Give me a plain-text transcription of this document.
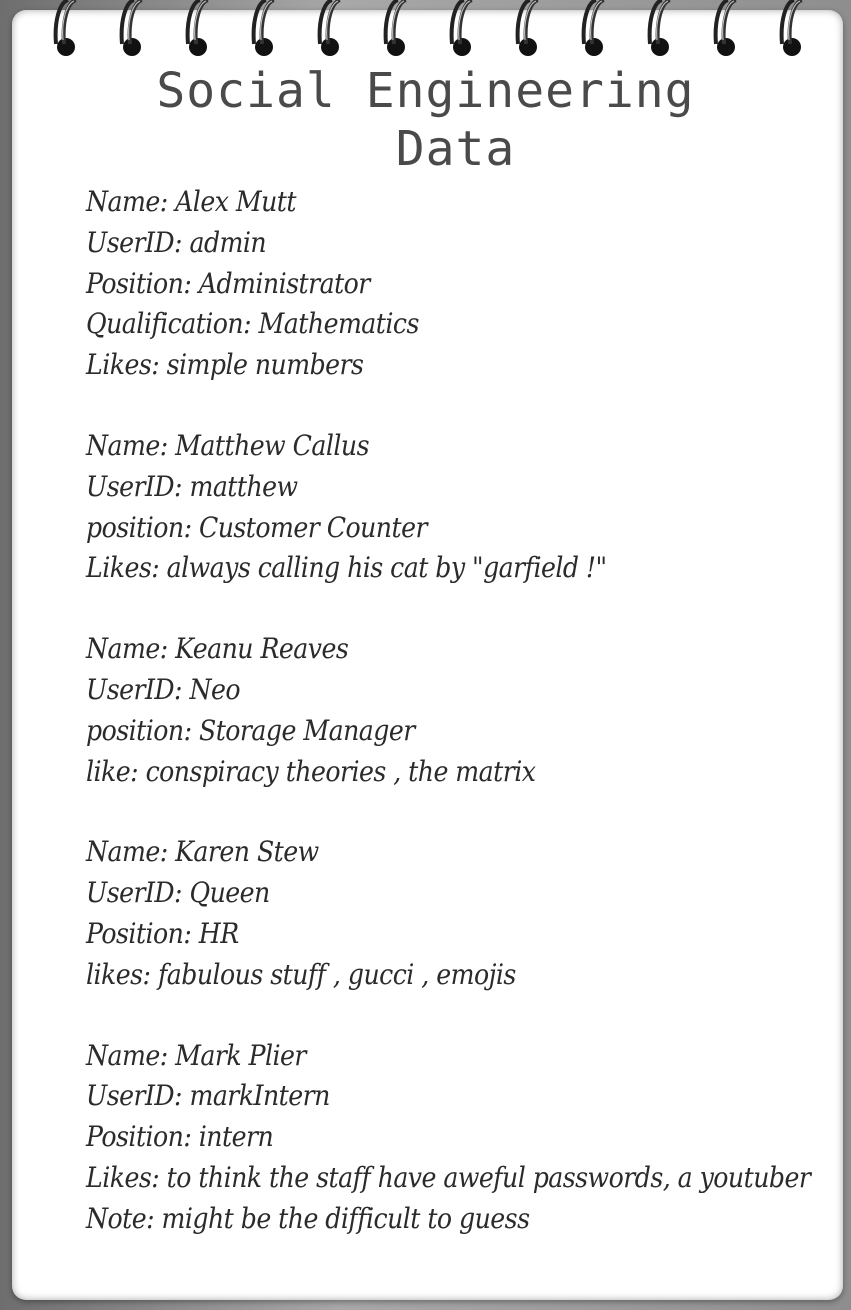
Social Engineering
Data
Name: Alex Mutt
UserID: admin
Position: Administrator
Qualification: Mathematics
Likes: simple numbers
Name: Matthew Callus
UserID: matthew
position: Customer Counter
Likes: always calling his cat by "garfield !"
Name: Keanu Reaves
UserID: Neo
position: Storage Manager
like: conspiracy theories , the matrix
Name: Karen Stew
UserID: Queen
Position: HR
likes: fabulous stuff , gucci , emojis
Name: Mark Plier
UserID: markIntern
Position: intern
Likes: to think the staff have aweful passwords, a youtuber
Note: might be the difficult to guess
